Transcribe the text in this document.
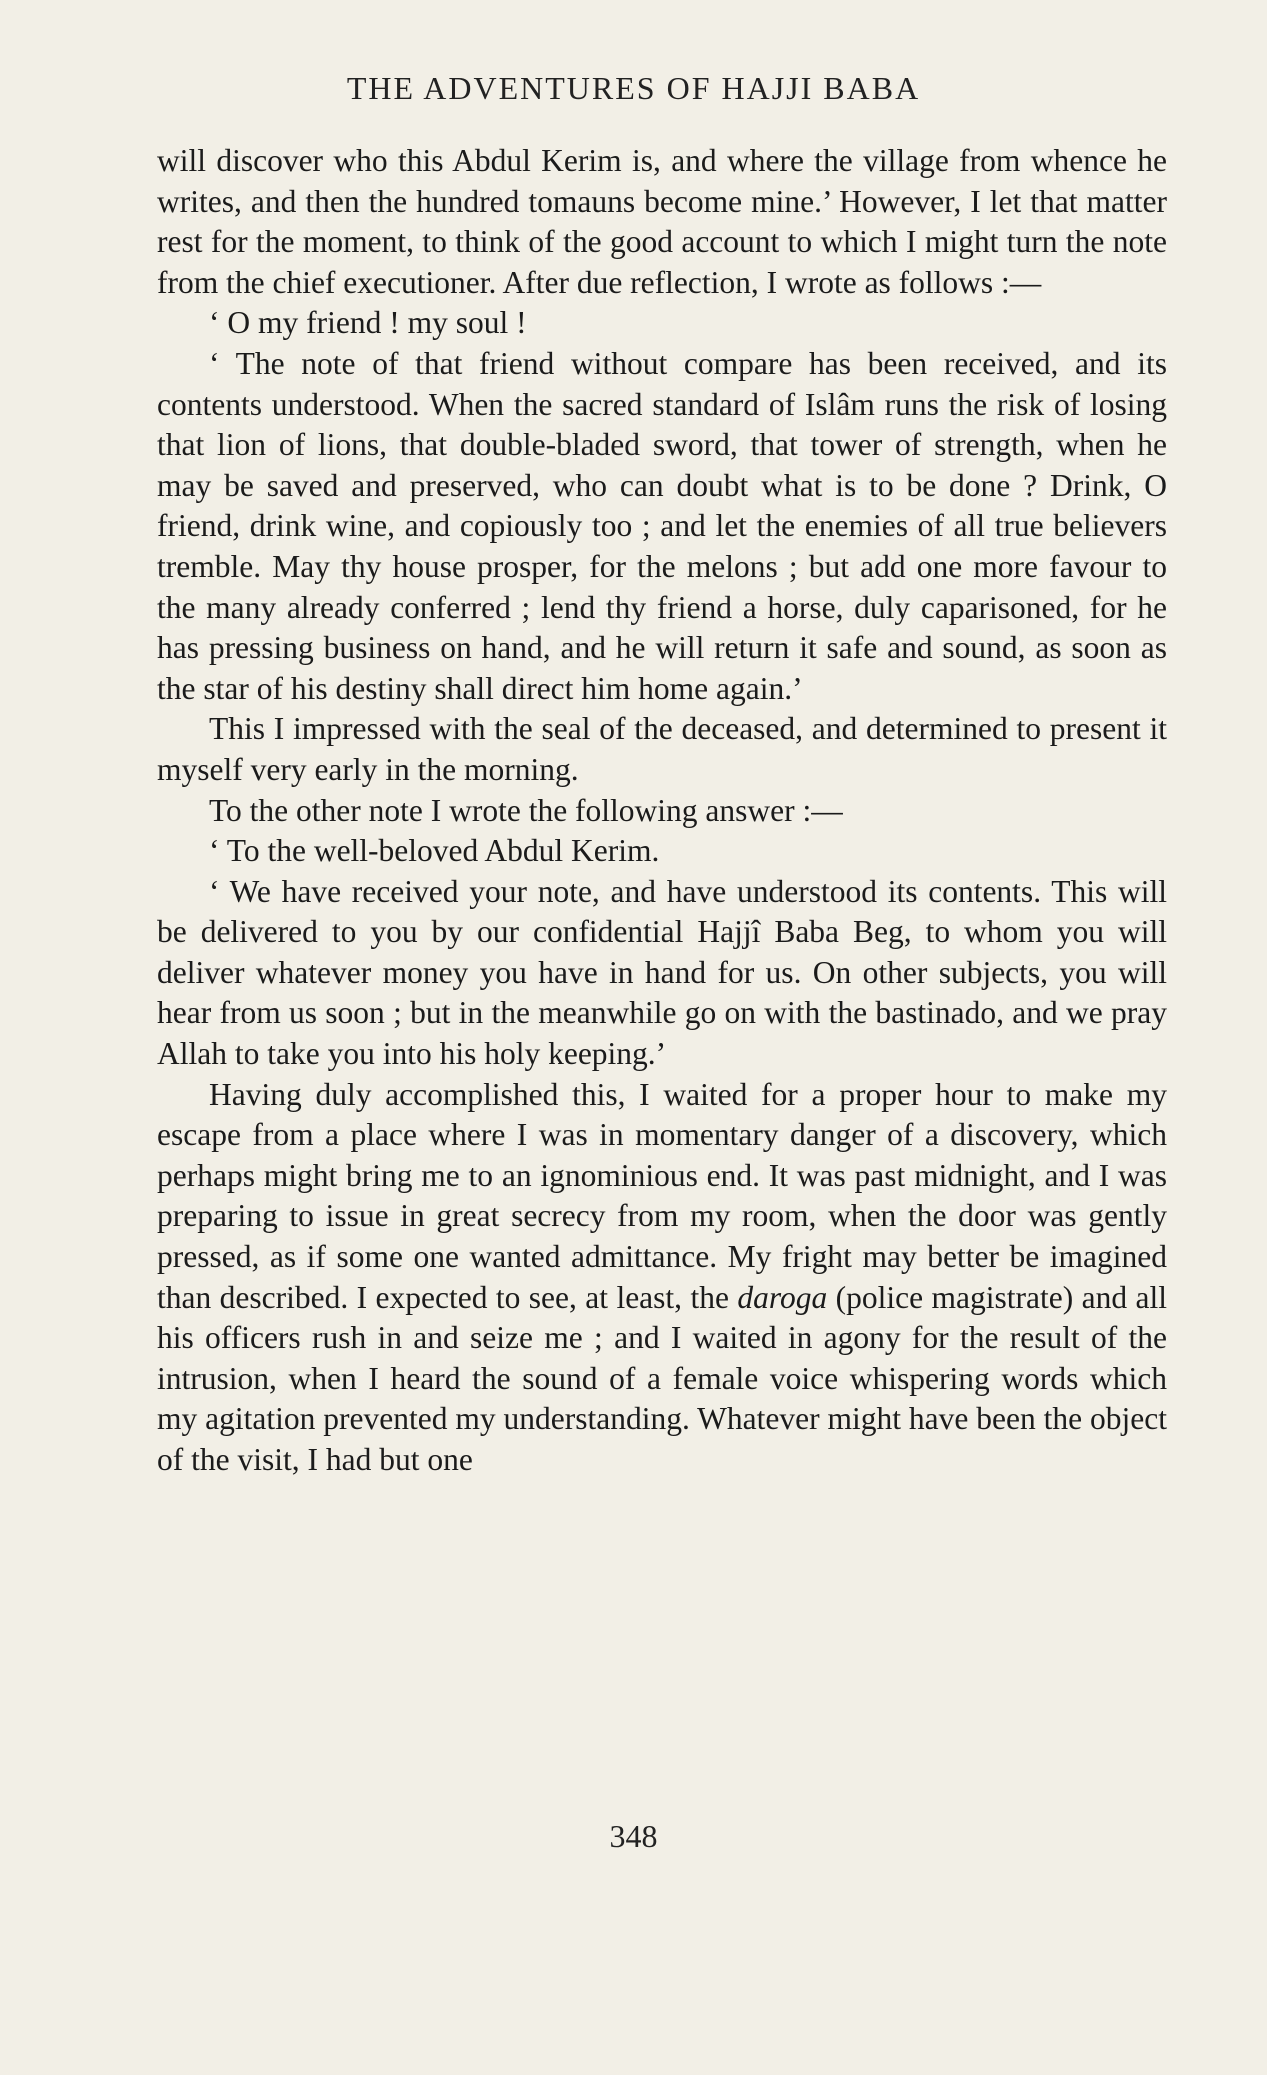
THE ADVENTURES OF HAJJI BABA

will discover who this Abdul Kerim is, and where the village from whence he writes, and then the hundred tomauns become mine.’ However, I let that matter rest for the moment, to think of the good account to which I might turn the note from the chief executioner. After due reflection, I wrote as follows :—

‘ O my friend ! my soul !

‘ The note of that friend without compare has been received, and its contents understood. When the sacred standard of Islâm runs the risk of losing that lion of lions, that double-bladed sword, that tower of strength, when he may be saved and preserved, who can doubt what is to be done ? Drink, O friend, drink wine, and copiously too ; and let the enemies of all true believers tremble. May thy house prosper, for the melons ; but add one more favour to the many already conferred ; lend thy friend a horse, duly caparisoned, for he has pressing business on hand, and he will return it safe and sound, as soon as the star of his destiny shall direct him home again.’

This I impressed with the seal of the deceased, and determined to present it myself very early in the morning.

To the other note I wrote the following answer :—

‘ To the well-beloved Abdul Kerim.

‘ We have received your note, and have understood its contents. This will be delivered to you by our confidential Hajjî Baba Beg, to whom you will deliver whatever money you have in hand for us. On other subjects, you will hear from us soon ; but in the meanwhile go on with the bastinado, and we pray Allah to take you into his holy keeping.’

Having duly accomplished this, I waited for a proper hour to make my escape from a place where I was in momentary danger of a discovery, which perhaps might bring me to an ignominious end. It was past midnight, and I was preparing to issue in great secrecy from my room, when the door was gently pressed, as if some one wanted admittance. My fright may better be imagined than described. I expected to see, at least, the daroga (police magistrate) and all his officers rush in and seize me ; and I waited in agony for the result of the intrusion, when I heard the sound of a female voice whispering words which my agitation prevented my understanding. Whatever might have been the object of the visit, I had but one

348
